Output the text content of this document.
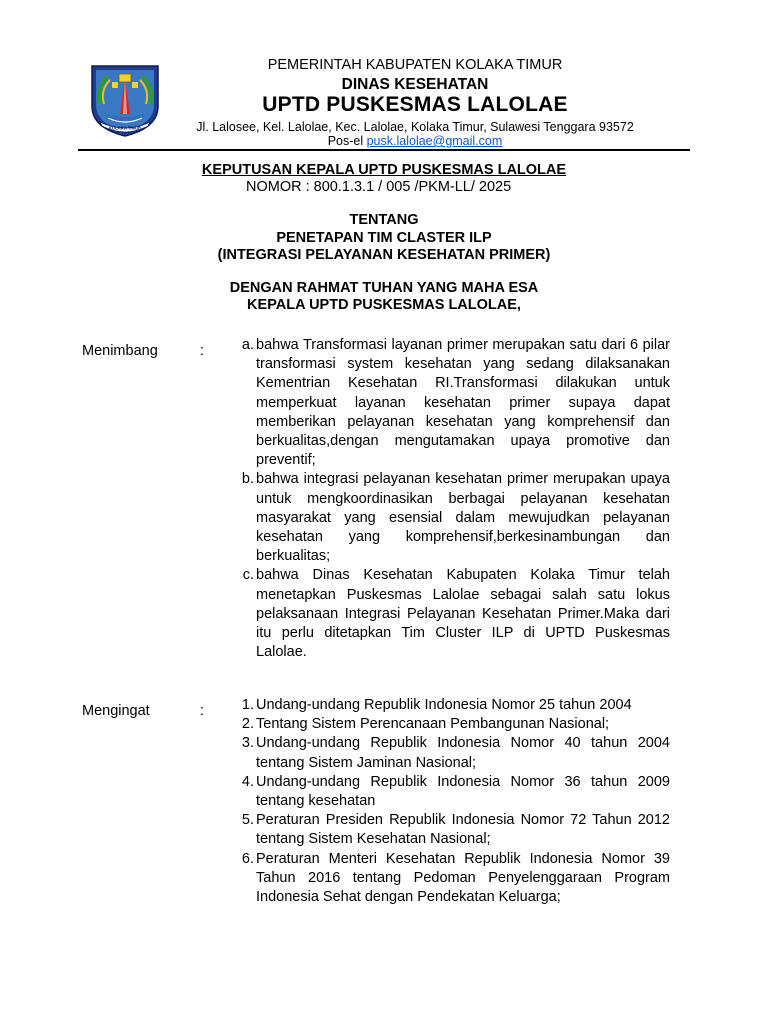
KOLAKA TIMUR
PEMERINTAH KABUPATEN KOLAKA TIMUR
DINAS KESEHATAN
UPTD PUSKESMAS LALOLAE
Jl. Lalosee, Kel. Lalolae, Kec. Lalolae, Kolaka Timur, Sulawesi Tenggara 93572
Pos-el pusk.lalolae@gmail.com
KEPUTUSAN KEPALA UPTD PUSKESMAS LALOLAE
NOMOR : 800.1.3.1 / 005 /PKM-LL/ 2025
TENTANG
PENETAPAN TIM CLASTER ILP
(INTEGRASI PELAYANAN KESEHATAN PRIMER)
DENGAN RAHMAT TUHAN YANG MAHA ESA
KEPALA UPTD PUSKESMAS LALOLAE,
Menimbang	:	a. bahwa Transformasi layanan primer merupakan satu dari 6 pilar transformasi system kesehatan yang sedang dilaksanakan Kementrian Kesehatan RI.Transformasi dilakukan untuk memperkuat layanan kesehatan primer supaya dapat memberikan pelayanan kesehatan yang komprehensif dan berkualitas,dengan mengutamakan upaya promotive dan preventif;
b. bahwa integrasi pelayanan kesehatan primer merupakan upaya untuk mengkoordinasikan berbagai pelayanan kesehatan masyarakat yang esensial dalam mewujudkan pelayanan kesehatan yang komprehensif,berkesinambungan dan berkualitas;
c. bahwa Dinas Kesehatan Kabupaten Kolaka Timur telah menetapkan Puskesmas Lalolae sebagai salah satu lokus pelaksanaan Integrasi Pelayanan Kesehatan Primer.Maka dari itu perlu ditetapkan Tim Cluster ILP di UPTD Puskesmas Lalolae.
Mengingat	:	1. Undang-undang Republik Indonesia Nomor 25 tahun 2004
2. Tentang Sistem Perencanaan Pembangunan Nasional;
3. Undang-undang Republik Indonesia Nomor 40 tahun 2004 tentang Sistem Jaminan Nasional;
4. Undang-undang Republik Indonesia Nomor 36 tahun 2009 tentang kesehatan
5. Peraturan Presiden Republik Indonesia Nomor 72 Tahun 2012 tentang Sistem Kesehatan Nasional;
6. Peraturan Menteri Kesehatan Republik Indonesia Nomor 39 Tahun 2016 tentang Pedoman Penyelenggaraan Program Indonesia Sehat dengan Pendekatan Keluarga;
